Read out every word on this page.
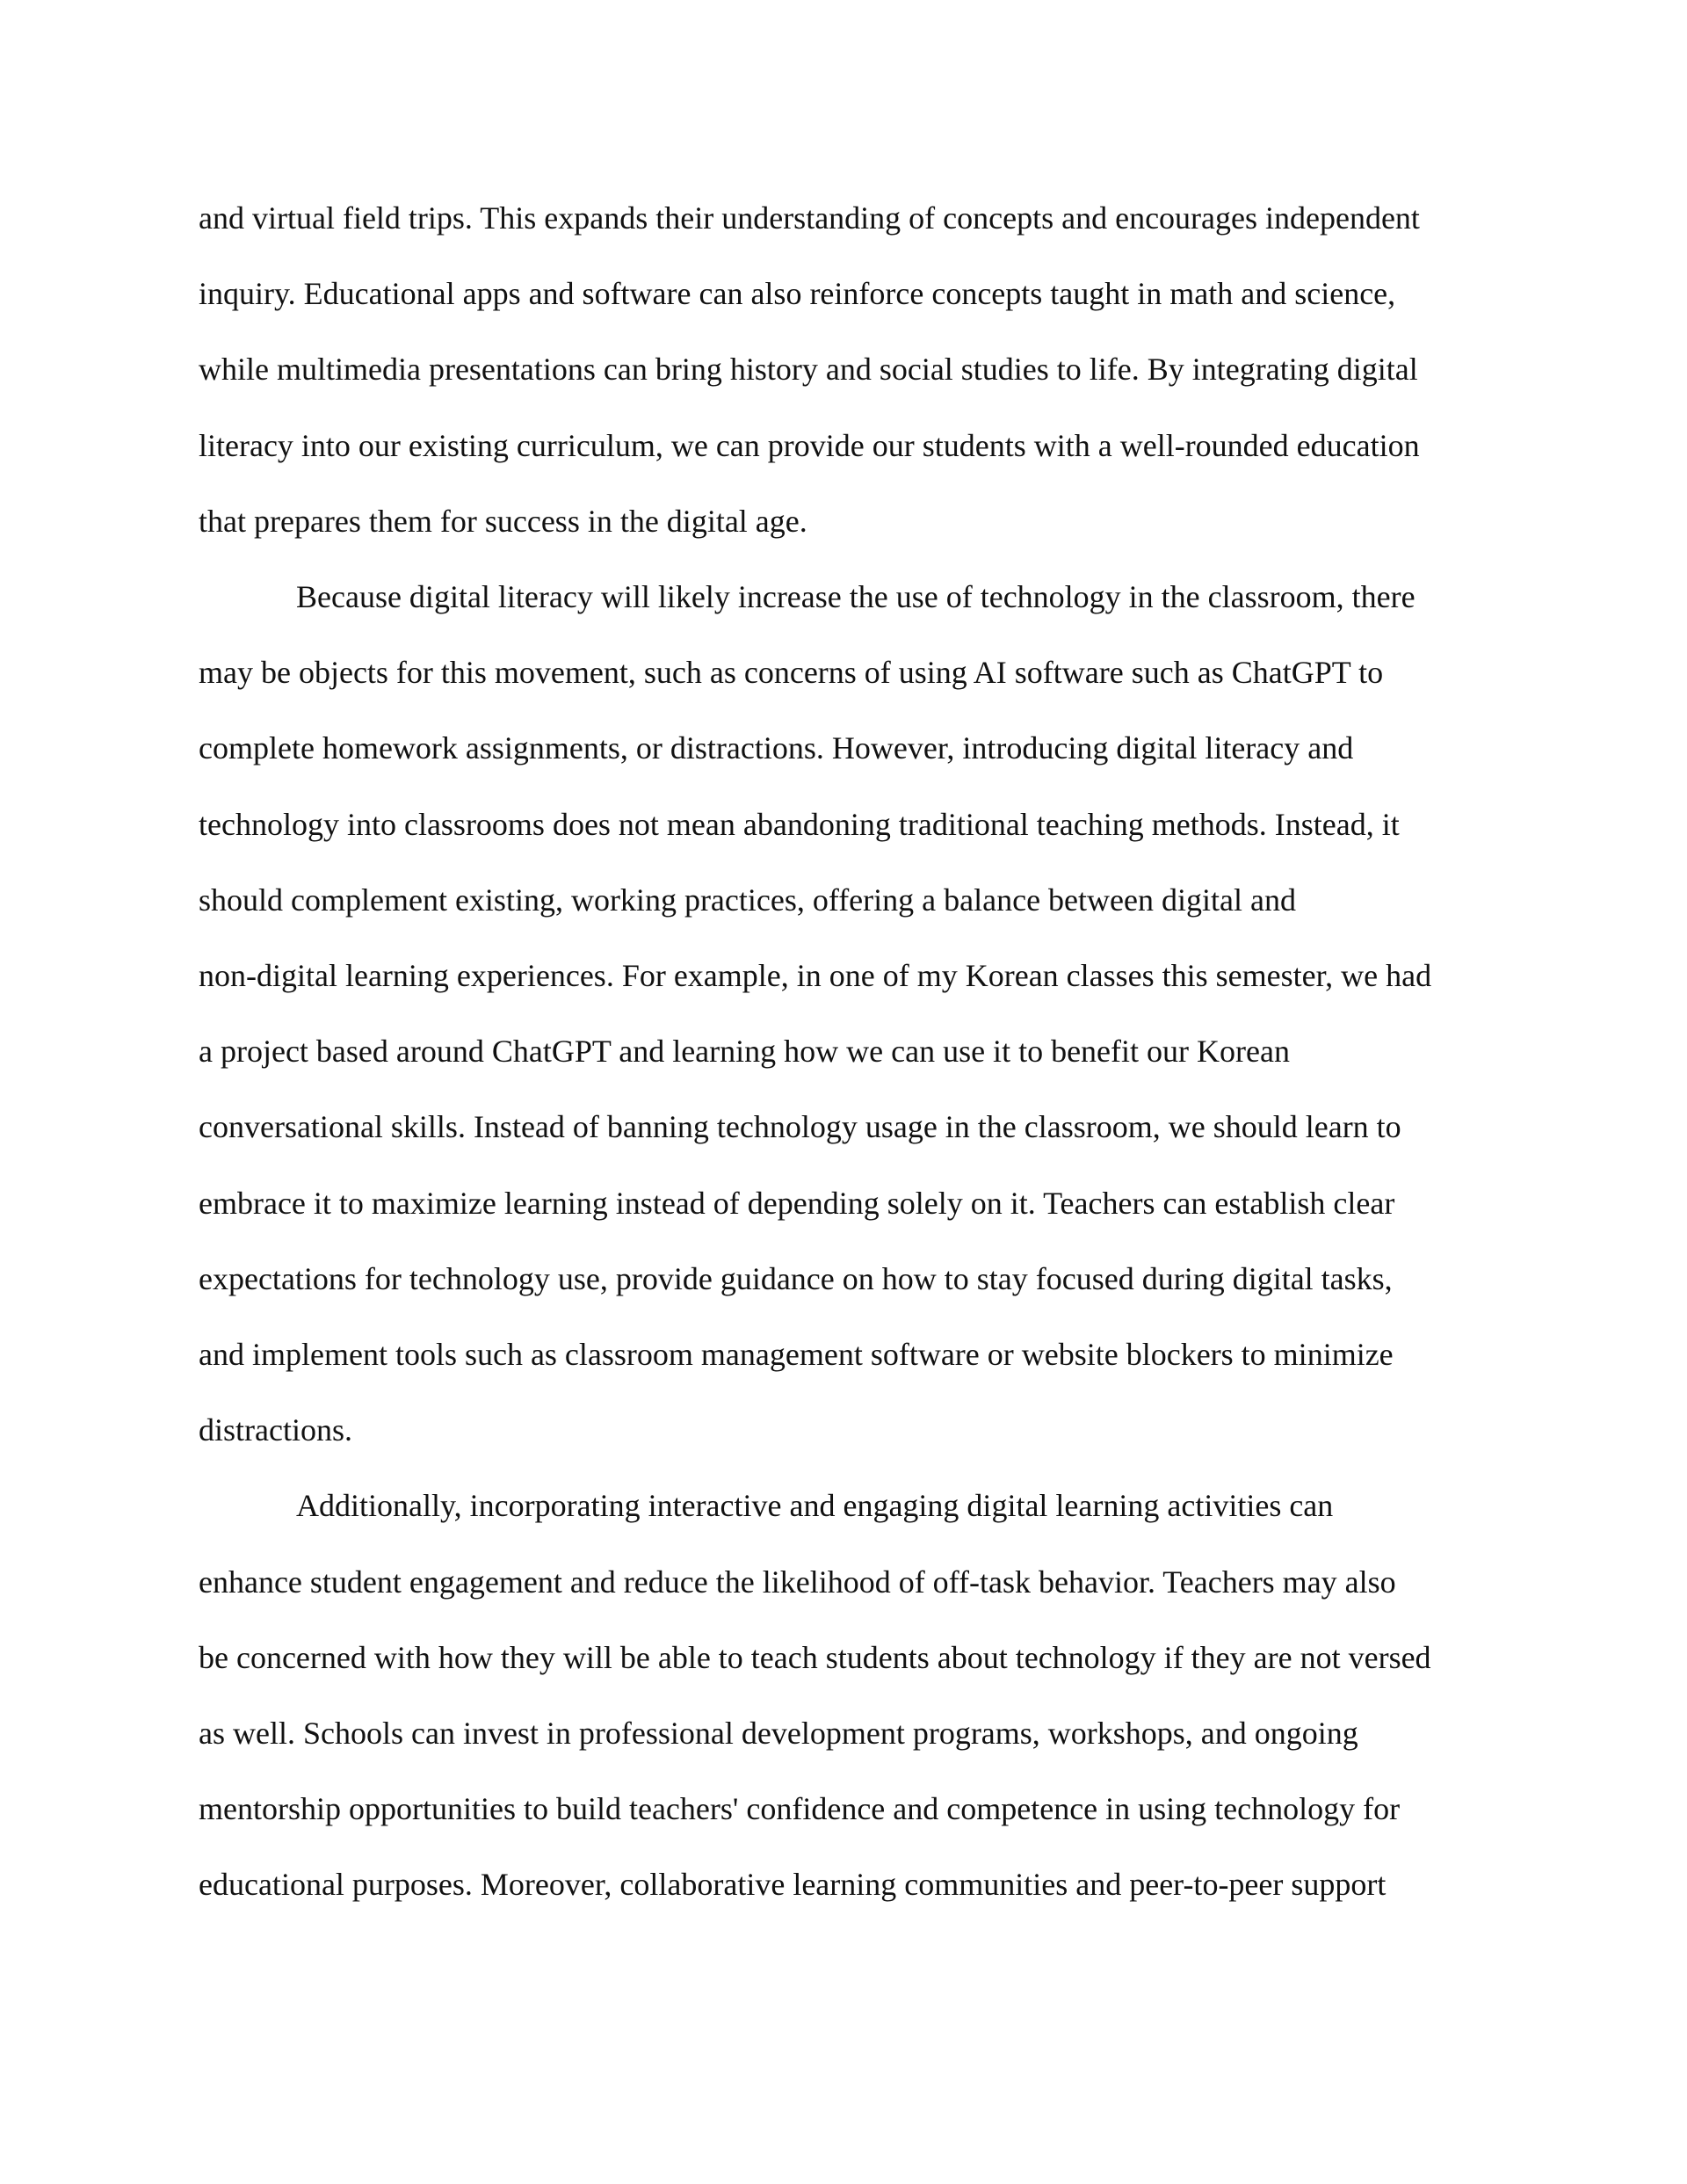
and virtual field trips. This expands their understanding of concepts and encourages independent
inquiry. Educational apps and software can also reinforce concepts taught in math and science,
while multimedia presentations can bring history and social studies to life. By integrating digital
literacy into our existing curriculum, we can provide our students with a well-rounded education
that prepares them for success in the digital age.
Because digital literacy will likely increase the use of technology in the classroom, there
may be objects for this movement, such as concerns of using AI software such as ChatGPT to
complete homework assignments, or distractions. However, introducing digital literacy and
technology into classrooms does not mean abandoning traditional teaching methods. Instead, it
should complement existing, working practices, offering a balance between digital and
non-digital learning experiences. For example, in one of my Korean classes this semester, we had
a project based around ChatGPT and learning how we can use it to benefit our Korean
conversational skills. Instead of banning technology usage in the classroom, we should learn to
embrace it to maximize learning instead of depending solely on it. Teachers can establish clear
expectations for technology use, provide guidance on how to stay focused during digital tasks,
and implement tools such as classroom management software or website blockers to minimize
distractions.
Additionally, incorporating interactive and engaging digital learning activities can
enhance student engagement and reduce the likelihood of off-task behavior. Teachers may also
be concerned with how they will be able to teach students about technology if they are not versed
as well. Schools can invest in professional development programs, workshops, and ongoing
mentorship opportunities to build teachers' confidence and competence in using technology for
educational purposes. Moreover, collaborative learning communities and peer-to-peer support
